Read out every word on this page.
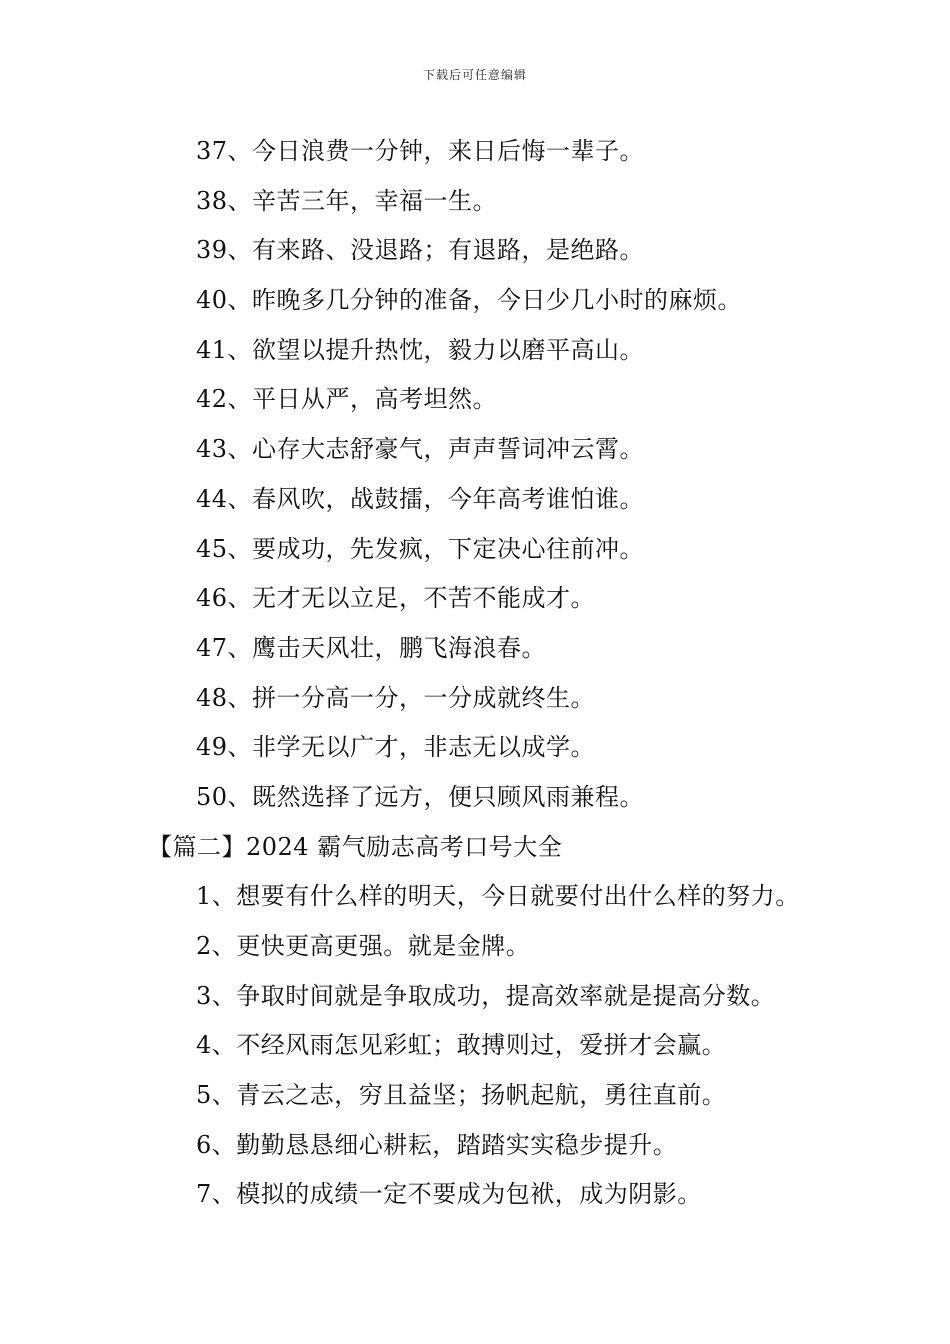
下载后可任意编辑
37、今日浪费一分钟，来日后悔一辈子。
38、辛苦三年，幸福一生。
39、有来路、没退路；有退路，是绝路。
40、昨晚多几分钟的准备，今日少几小时的麻烦。
41、欲望以提升热忱，毅力以磨平高山。
42、平日从严，高考坦然。
43、心存大志舒豪气，声声誓词冲云霄。
44、春风吹，战鼓擂，今年高考谁怕谁。
45、要成功，先发疯，下定决心往前冲。
46、无才无以立足，不苦不能成才。
47、鹰击天风壮，鹏飞海浪春。
48、拼一分高一分，一分成就终生。
49、非学无以广才，非志无以成学。
50、既然选择了远方，便只顾风雨兼程。
【篇二】2024 霸气励志高考口号大全
1、想要有什么样的明天，今日就要付出什么样的努力。
2、更快更高更强。就是金牌。
3、争取时间就是争取成功，提高效率就是提高分数。
4、不经风雨怎见彩虹；敢搏则过，爱拼才会赢。
5、青云之志，穷且益坚；扬帆起航，勇往直前。
6、勤勤恳恳细心耕耘，踏踏实实稳步提升。
7、模拟的成绩一定不要成为包袱，成为阴影。
